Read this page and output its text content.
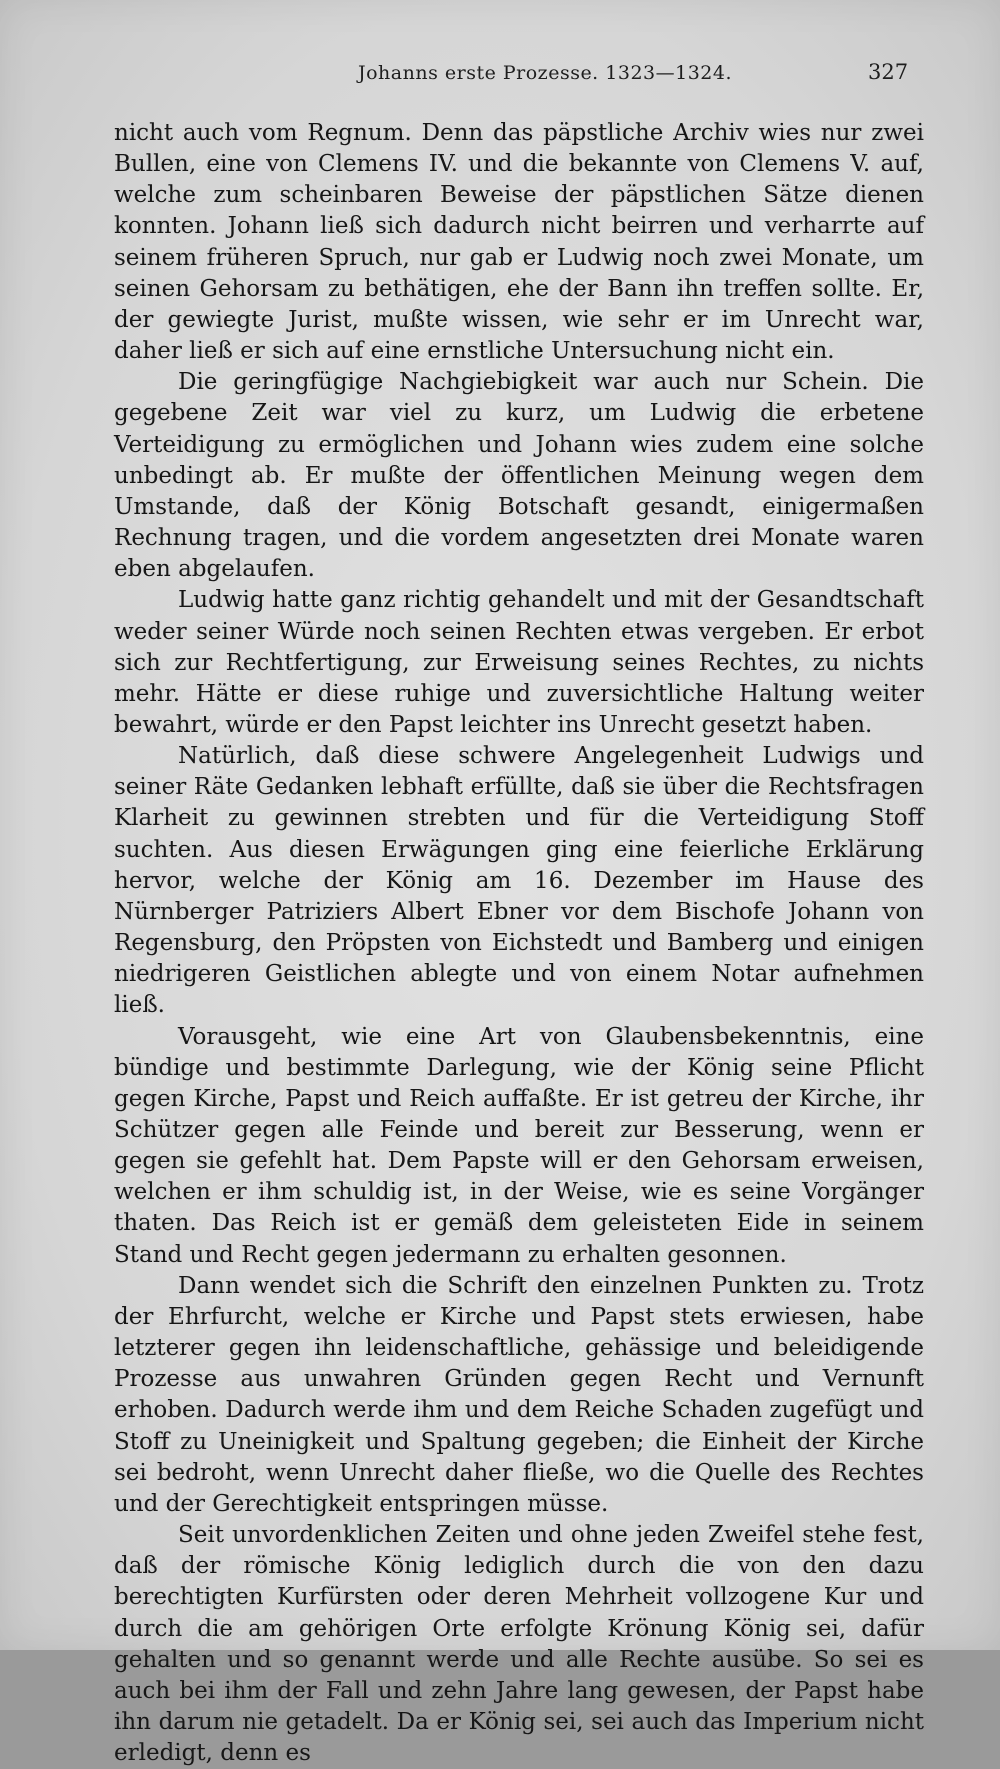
Johanns erste Prozesse. 1323—1324.	327

nicht auch vom Regnum. Denn das päpstliche Archiv wies nur zwei Bullen, eine von Clemens IV. und die bekannte von Clemens V. auf, welche zum scheinbaren Beweise der päpstlichen Sätze dienen konnten. Johann ließ sich dadurch nicht beirren und verharrte auf seinem früheren Spruch, nur gab er Ludwig noch zwei Monate, um seinen Gehorsam zu bethätigen, ehe der Bann ihn treffen sollte. Er, der gewiegte Jurist, mußte wissen, wie sehr er im Unrecht war, daher ließ er sich auf eine ernstliche Untersuchung nicht ein.

Die geringfügige Nachgiebigkeit war auch nur Schein. Die gegebene Zeit war viel zu kurz, um Ludwig die erbetene Verteidigung zu ermöglichen und Johann wies zudem eine solche unbedingt ab. Er mußte der öffentlichen Meinung wegen dem Umstande, daß der König Botschaft gesandt, einigermaßen Rechnung tragen, und die vordem angesetzten drei Monate waren eben abgelaufen.

Ludwig hatte ganz richtig gehandelt und mit der Gesandtschaft weder seiner Würde noch seinen Rechten etwas vergeben. Er erbot sich zur Rechtfertigung, zur Erweisung seines Rechtes, zu nichts mehr. Hätte er diese ruhige und zuversichtliche Haltung weiter bewahrt, würde er den Papst leichter ins Unrecht gesetzt haben.

Natürlich, daß diese schwere Angelegenheit Ludwigs und seiner Räte Gedanken lebhaft erfüllte, daß sie über die Rechtsfragen Klarheit zu gewinnen strebten und für die Verteidigung Stoff suchten. Aus diesen Erwägungen ging eine feierliche Erklärung hervor, welche der König am 16. Dezember im Hause des Nürnberger Patriziers Albert Ebner vor dem Bischofe Johann von Regensburg, den Pröpsten von Eichstedt und Bamberg und einigen niedrigeren Geistlichen ablegte und von einem Notar aufnehmen ließ.

Vorausgeht, wie eine Art von Glaubensbekenntnis, eine bündige und bestimmte Darlegung, wie der König seine Pflicht gegen Kirche, Papst und Reich auffaßte. Er ist getreu der Kirche, ihr Schützer gegen alle Feinde und bereit zur Besserung, wenn er gegen sie gefehlt hat. Dem Papste will er den Gehorsam erweisen, welchen er ihm schuldig ist, in der Weise, wie es seine Vorgänger thaten. Das Reich ist er gemäß dem geleisteten Eide in seinem Stand und Recht gegen jedermann zu erhalten gesonnen.

Dann wendet sich die Schrift den einzelnen Punkten zu. Trotz der Ehrfurcht, welche er Kirche und Papst stets erwiesen, habe letzterer gegen ihn leidenschaftliche, gehässige und beleidigende Prozesse aus unwahren Gründen gegen Recht und Vernunft erhoben. Dadurch werde ihm und dem Reiche Schaden zugefügt und Stoff zu Uneinigkeit und Spaltung gegeben; die Einheit der Kirche sei bedroht, wenn Unrecht daher fließe, wo die Quelle des Rechtes und der Gerechtigkeit entspringen müsse.

Seit unvordenklichen Zeiten und ohne jeden Zweifel stehe fest, daß der römische König lediglich durch die von den dazu berechtigten Kurfürsten oder deren Mehrheit vollzogene Kur und durch die am gehörigen Orte erfolgte Krönung König sei, dafür gehalten und so genannt werde und alle Rechte ausübe. So sei es auch bei ihm der Fall und zehn Jahre lang gewesen, der Papst habe ihn darum nie getadelt. Da er König sei, sei auch das Imperium nicht erledigt, denn es
